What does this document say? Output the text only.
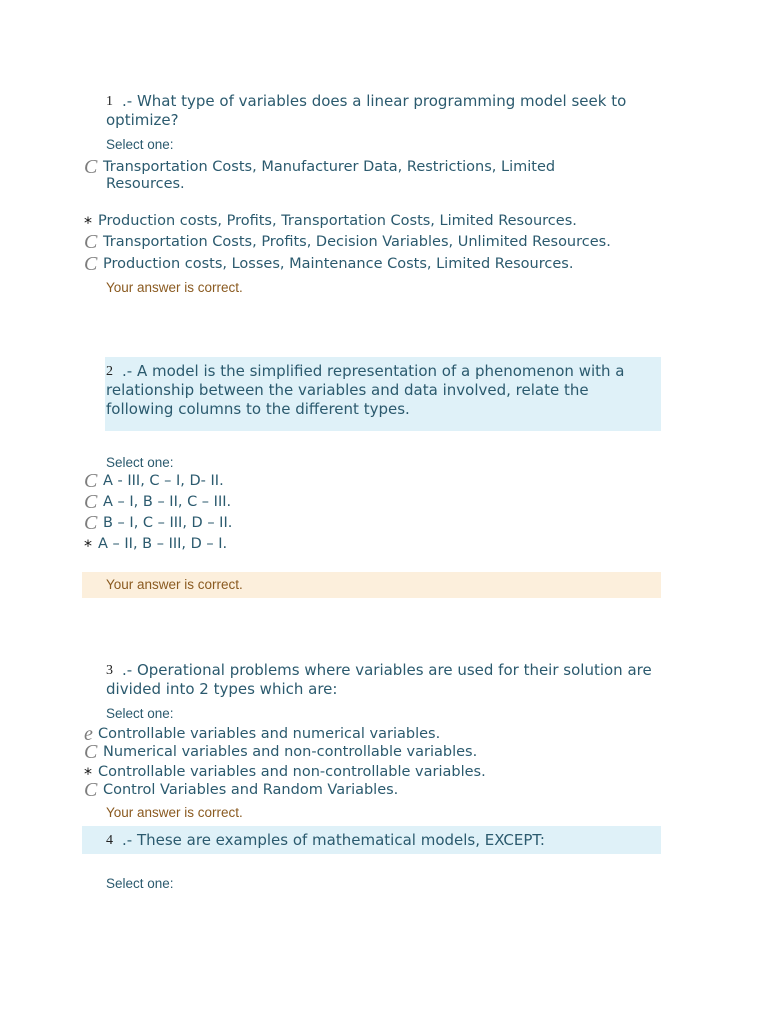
1 .- What type of variables does a linear programming model seek to optimize?
Select one:
C Transportation Costs, Manufacturer Data, Restrictions, Limited Resources.
* Production costs, Profits, Transportation Costs, Limited Resources.
C Transportation Costs, Profits, Decision Variables, Unlimited Resources.
C Production costs, Losses, Maintenance Costs, Limited Resources.
Your answer is correct.
2 .- A model is the simplified representation of a phenomenon with a relationship between the variables and data involved, relate the following columns to the different types.
Select one:
C A - III, C – I, D- II.
C A – I, B – II, C – III.
C B – I, C – III, D – II.
* A – II, B – III, D – I.
Your answer is correct.
3 .- Operational problems where variables are used for their solution are divided into 2 types which are:
Select one:
e Controllable variables and numerical variables.
C Numerical variables and non-controllable variables.
* Controllable variables and non-controllable variables.
C Control Variables and Random Variables.
Your answer is correct.
4 .- These are examples of mathematical models, EXCEPT:
Select one:
